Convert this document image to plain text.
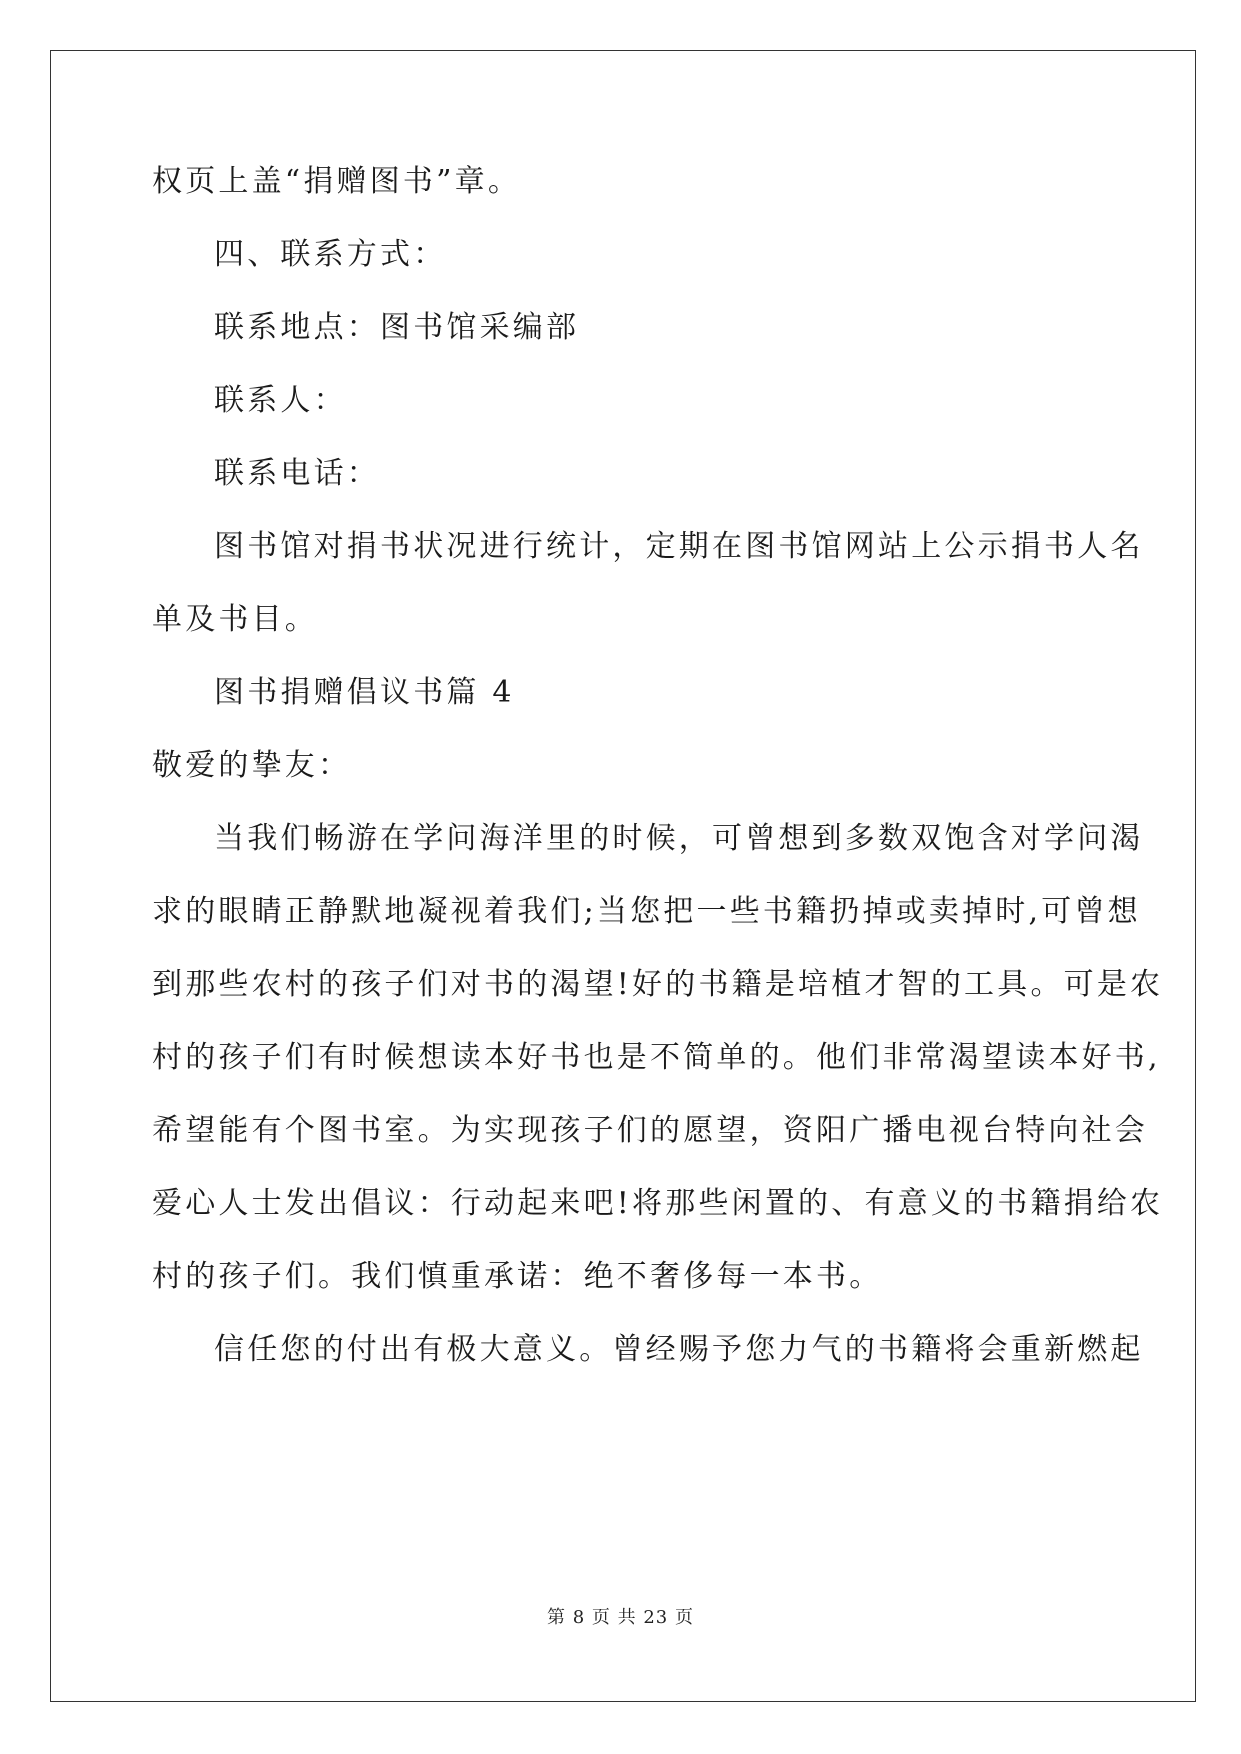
权页上盖“捐赠图书”章。
四、联系方式：
联系地点：图书馆采编部
联系人：
联系电话：
图书馆对捐书状况进行统计，定期在图书馆网站上公示捐书人名
单及书目。
图书捐赠倡议书篇 4
敬爱的挚友：
当我们畅游在学问海洋里的时候，可曾想到多数双饱含对学问渴
求的眼睛正静默地凝视着我们;当您把一些书籍扔掉或卖掉时,可曾想
到那些农村的孩子们对书的渴望!好的书籍是培植才智的工具。可是农
村的孩子们有时候想读本好书也是不简单的。他们非常渴望读本好书,
希望能有个图书室。为实现孩子们的愿望，资阳广播电视台特向社会
爱心人士发出倡议：行动起来吧!将那些闲置的、有意义的书籍捐给农
村的孩子们。我们慎重承诺：绝不奢侈每一本书。
信任您的付出有极大意义。曾经赐予您力气的书籍将会重新燃起
第 8 页 共 23 页
